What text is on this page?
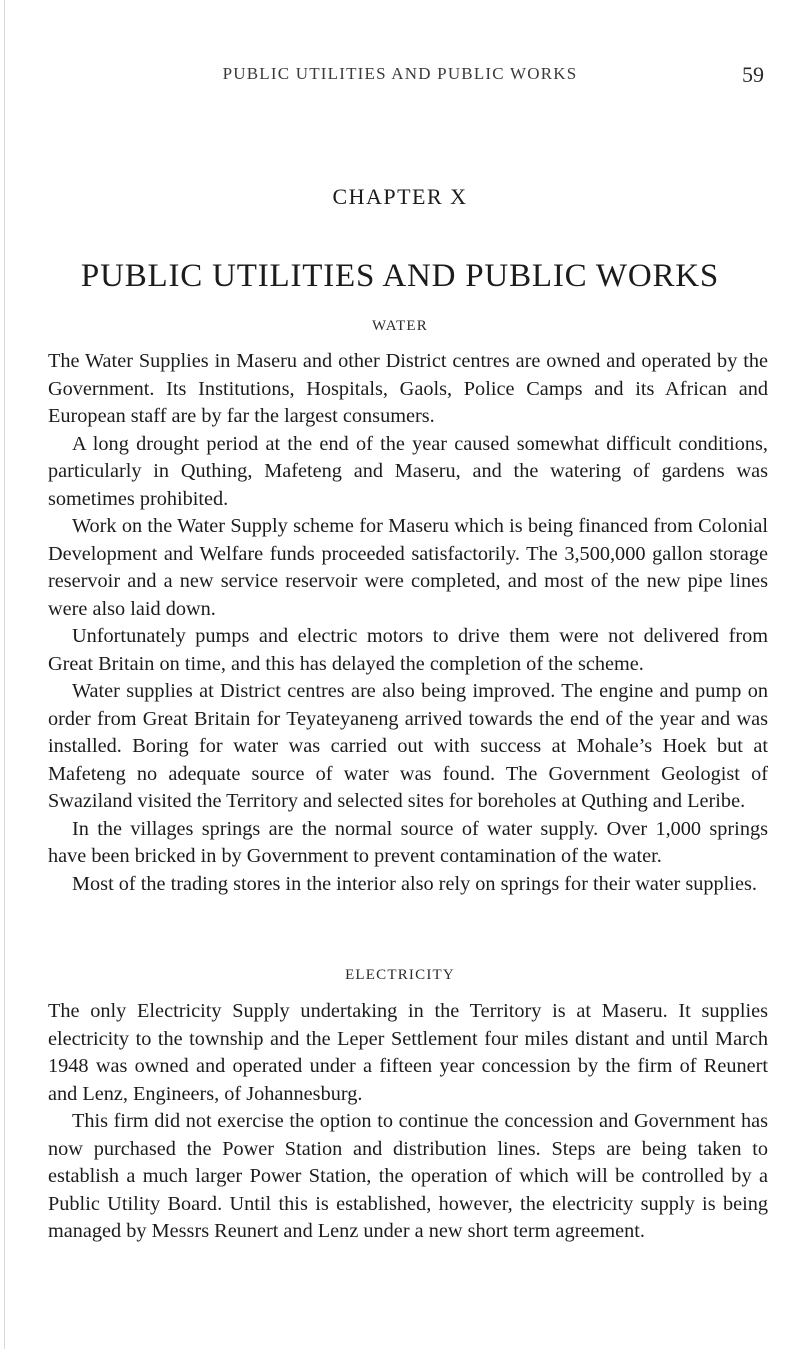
PUBLIC UTILITIES AND PUBLIC WORKS	59
CHAPTER X
PUBLIC UTILITIES AND PUBLIC WORKS
WATER

The Water Supplies in Maseru and other District centres are owned and operated by the Government. Its Institutions, Hospitals, Gaols, Police Camps and its African and European staff are by far the largest consumers.

A long drought period at the end of the year caused somewhat difficult conditions, particularly in Quthing, Mafeteng and Maseru, and the watering of gardens was sometimes prohibited.

Work on the Water Supply scheme for Maseru which is being financed from Colonial Development and Welfare funds proceeded satisfactorily. The 3,500,000 gallon storage reservoir and a new service reservoir were completed, and most of the new pipe lines were also laid down.

Unfortunately pumps and electric motors to drive them were not delivered from Great Britain on time, and this has delayed the completion of the scheme.

Water supplies at District centres are also being improved. The engine and pump on order from Great Britain for Teyateyaneng arrived towards the end of the year and was installed. Boring for water was carried out with success at Mohale’s Hoek but at Mafeteng no adequate source of water was found. The Government Geologist of Swaziland visited the Territory and selected sites for boreholes at Quthing and Leribe.

In the villages springs are the normal source of water supply. Over 1,000 springs have been bricked in by Government to prevent contamination of the water.

Most of the trading stores in the interior also rely on springs for their water supplies.

ELECTRICITY

The only Electricity Supply undertaking in the Territory is at Maseru. It supplies electricity to the township and the Leper Settlement four miles distant and until March 1948 was owned and operated under a fifteen year concession by the firm of Reunert and Lenz, Engineers, of Johannesburg.

This firm did not exercise the option to continue the concession and Government has now purchased the Power Station and distribution lines. Steps are being taken to establish a much larger Power Station, the operation of which will be controlled by a Public Utility Board. Until this is established, however, the electricity supply is being managed by Messrs Reunert and Lenz under a new short term agreement.
